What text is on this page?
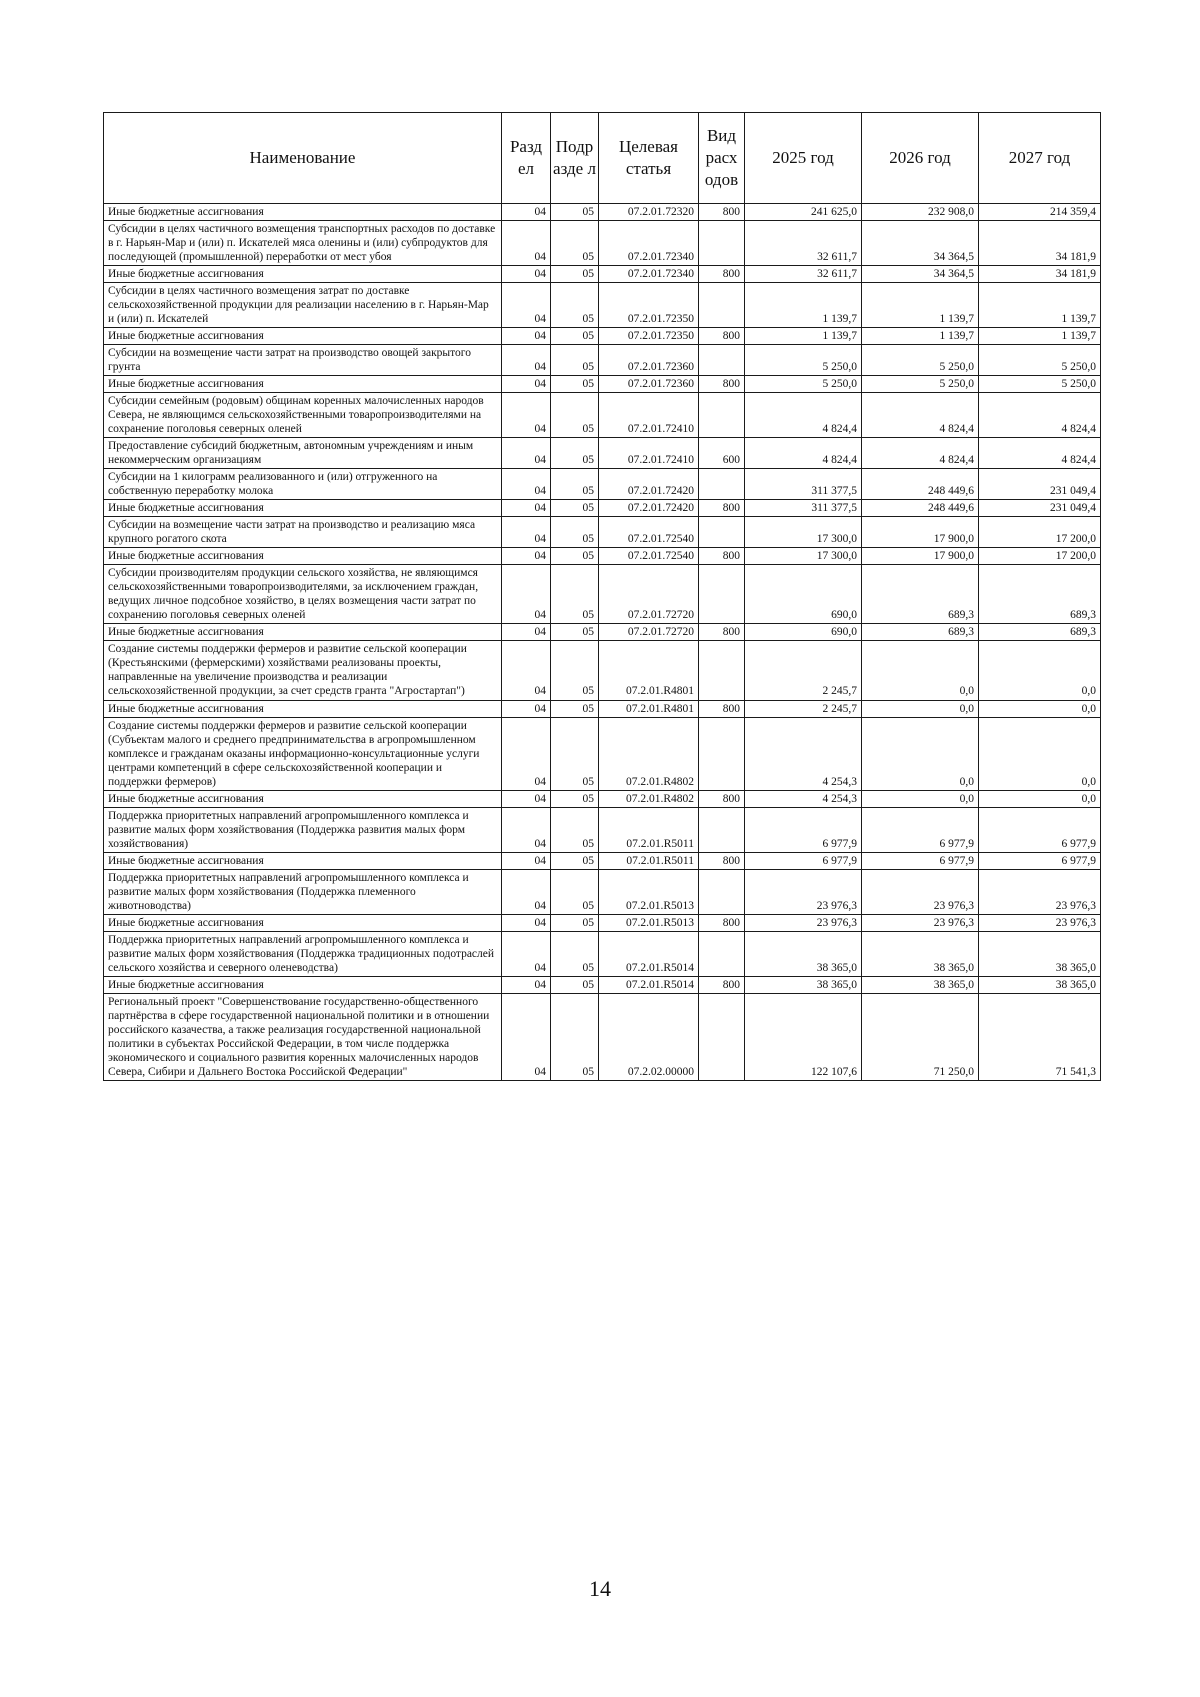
Наименование	Разд ел	Подр азде л	Целевая статья	Вид расх одов	2025 год	2026 год	2027 год
Иные бюджетные ассигнования	04	05	07.2.01.72320	800	241 625,0	232 908,0	214 359,4
Субсидии в целях частичного возмещения транспортных расходов по доставке в г. Нарьян-Мар и (или) п. Искателей мяса оленины и (или) субпродуктов для последующей (промышленной) переработки от мест убоя	04	05	07.2.01.72340		32 611,7	34 364,5	34 181,9
Иные бюджетные ассигнования	04	05	07.2.01.72340	800	32 611,7	34 364,5	34 181,9
Субсидии в целях частичного возмещения затрат по доставке сельскохозяйственной продукции для реализации населению в г. Нарьян-Мар и (или) п. Искателей	04	05	07.2.01.72350		1 139,7	1 139,7	1 139,7
Иные бюджетные ассигнования	04	05	07.2.01.72350	800	1 139,7	1 139,7	1 139,7
Субсидии на возмещение части затрат на производство овощей закрытого грунта	04	05	07.2.01.72360		5 250,0	5 250,0	5 250,0
Иные бюджетные ассигнования	04	05	07.2.01.72360	800	5 250,0	5 250,0	5 250,0
Субсидии семейным (родовым) общинам коренных малочисленных народов Севера, не являющимся сельскохозяйственными товаропроизводителями на сохранение поголовья северных оленей	04	05	07.2.01.72410		4 824,4	4 824,4	4 824,4
Предоставление субсидий бюджетным, автономным учреждениям и иным некоммерческим организациям	04	05	07.2.01.72410	600	4 824,4	4 824,4	4 824,4
Субсидии на 1 килограмм реализованного и (или) отгруженного на собственную переработку молока	04	05	07.2.01.72420		311 377,5	248 449,6	231 049,4
Иные бюджетные ассигнования	04	05	07.2.01.72420	800	311 377,5	248 449,6	231 049,4
Субсидии на возмещение части затрат на производство и реализацию мяса крупного рогатого скота	04	05	07.2.01.72540		17 300,0	17 900,0	17 200,0
Иные бюджетные ассигнования	04	05	07.2.01.72540	800	17 300,0	17 900,0	17 200,0
Субсидии производителям продукции сельского хозяйства, не являющимся сельскохозяйственными товаропроизводителями, за исключением граждан, ведущих личное подсобное хозяйство, в целях возмещения части затрат по сохранению поголовья северных оленей	04	05	07.2.01.72720		690,0	689,3	689,3
Иные бюджетные ассигнования	04	05	07.2.01.72720	800	690,0	689,3	689,3
Создание системы поддержки фермеров и развитие сельской кооперации (Крестьянскими (фермерскими) хозяйствами реализованы проекты, направленные на увеличение производства и реализации сельскохозяйственной продукции, за счет средств гранта "Агростартап")	04	05	07.2.01.R4801		2 245,7	0,0	0,0
Иные бюджетные ассигнования	04	05	07.2.01.R4801	800	2 245,7	0,0	0,0
Создание системы поддержки фермеров и развитие сельской кооперации (Субъектам малого и среднего предпринимательства в агропромышленном комплексе и гражданам оказаны информационно-консультационные услуги центрами компетенций в сфере сельскохозяйственной кооперации и поддержки фермеров)	04	05	07.2.01.R4802		4 254,3	0,0	0,0
Иные бюджетные ассигнования	04	05	07.2.01.R4802	800	4 254,3	0,0	0,0
Поддержка приоритетных направлений агропромышленного комплекса и развитие малых форм хозяйствования (Поддержка развития малых форм хозяйствования)	04	05	07.2.01.R5011		6 977,9	6 977,9	6 977,9
Иные бюджетные ассигнования	04	05	07.2.01.R5011	800	6 977,9	6 977,9	6 977,9
Поддержка приоритетных направлений агропромышленного комплекса и развитие малых форм хозяйствования (Поддержка племенного животноводства)	04	05	07.2.01.R5013		23 976,3	23 976,3	23 976,3
Иные бюджетные ассигнования	04	05	07.2.01.R5013	800	23 976,3	23 976,3	23 976,3
Поддержка приоритетных направлений агропромышленного комплекса и развитие малых форм хозяйствования (Поддержка традиционных подотраслей сельского хозяйства и северного оленеводства)	04	05	07.2.01.R5014		38 365,0	38 365,0	38 365,0
Иные бюджетные ассигнования	04	05	07.2.01.R5014	800	38 365,0	38 365,0	38 365,0
Региональный проект "Совершенствование государственно-общественного партнёрства в сфере государственной национальной политики и в отношении российского казачества, а также реализация государственной национальной политики в субъектах Российской Федерации, в том числе поддержка экономического и социального развития коренных малочисленных народов Севера, Сибири и Дальнего Востока Российской Федерации"	04	05	07.2.02.00000		122 107,6	71 250,0	71 541,3
14
